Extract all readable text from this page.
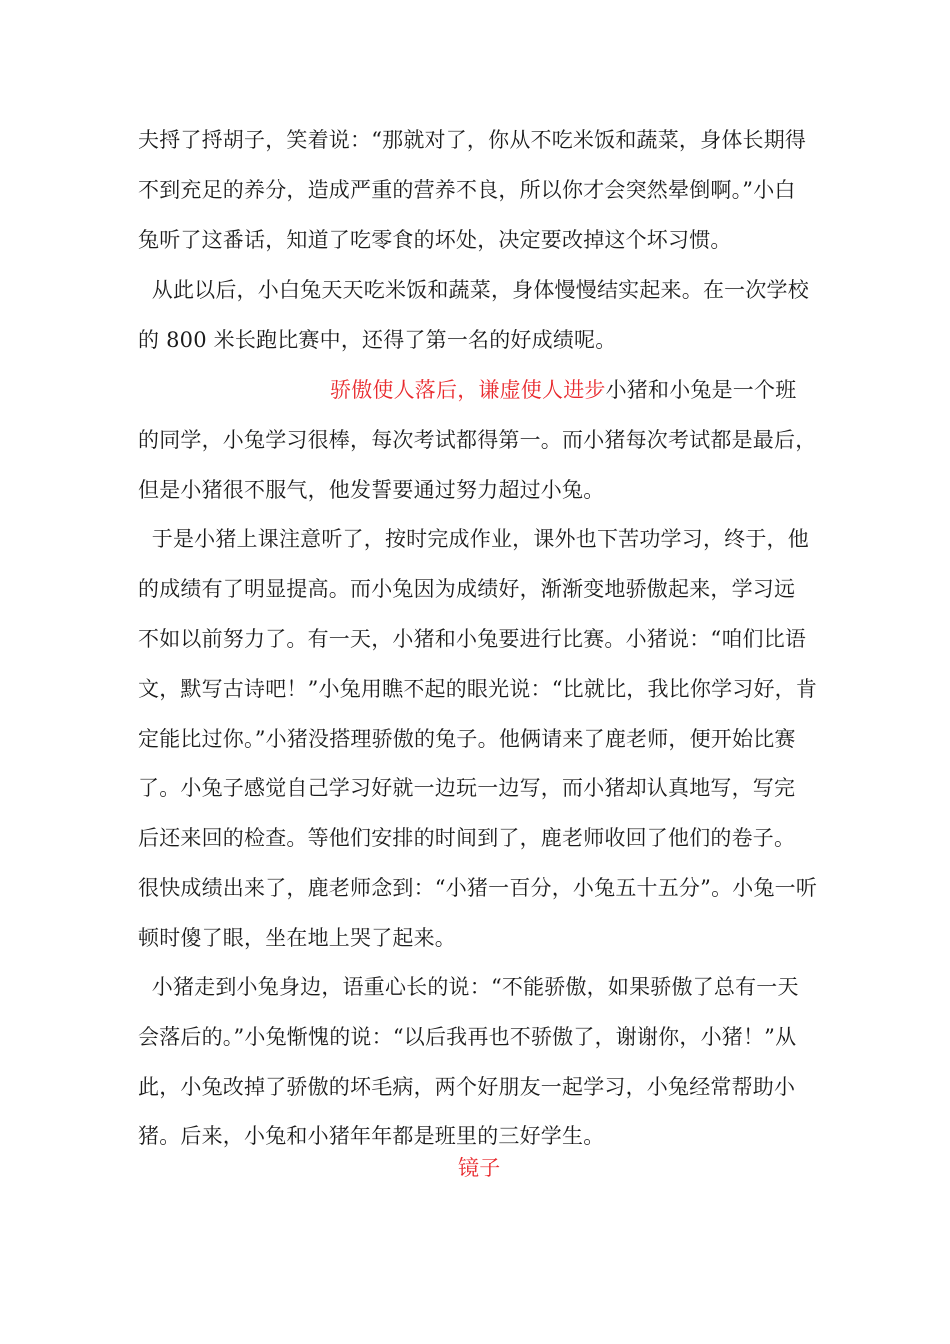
夫捋了捋胡子，笑着说：“那就对了，你从不吃米饭和蔬菜，身体长期得
不到充足的养分，造成严重的营养不良，所以你才会突然晕倒啊。”小白
兔听了这番话，知道了吃零食的坏处，决定要改掉这个坏习惯。
从此以后，小白兔天天吃米饭和蔬菜，身体慢慢结实起来。在一次学校
的 800 米长跑比赛中，还得了第一名的好成绩呢。
骄傲使人落后，谦虚使人进步小猪和小兔是一个班
的同学，小兔学习很棒，每次考试都得第一。而小猪每次考试都是最后，
但是小猪很不服气，他发誓要通过努力超过小兔。
于是小猪上课注意听了，按时完成作业，课外也下苦功学习，终于，他
的成绩有了明显提高。而小兔因为成绩好，渐渐变地骄傲起来，学习远
不如以前努力了。有一天，小猪和小兔要进行比赛。小猪说：“咱们比语
文，默写古诗吧！”小兔用瞧不起的眼光说：“比就比，我比你学习好，肯
定能比过你。”小猪没搭理骄傲的兔子。他俩请来了鹿老师，便开始比赛
了。小兔子感觉自己学习好就一边玩一边写，而小猪却认真地写，写完
后还来回的检查。等他们安排的时间到了，鹿老师收回了他们的卷子。
很快成绩出来了，鹿老师念到：“小猪一百分，小兔五十五分”。小兔一听
顿时傻了眼，坐在地上哭了起来。
小猪走到小兔身边，语重心长的说：“不能骄傲，如果骄傲了总有一天
会落后的。”小兔惭愧的说：“以后我再也不骄傲了，谢谢你，小猪！”从
此，小兔改掉了骄傲的坏毛病，两个好朋友一起学习，小兔经常帮助小
猪。后来，小兔和小猪年年都是班里的三好学生。
镜子
